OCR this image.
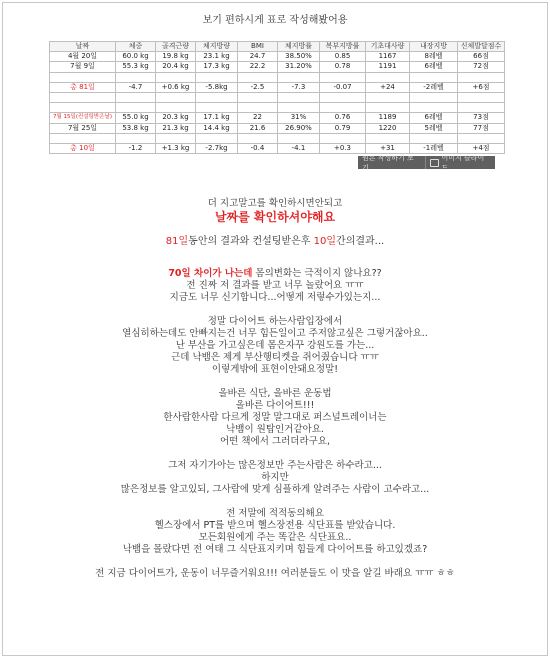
보기 편하시게 표로 작성해봤어용
날짜	체중	골격근량	체지방량	BMI	체지방률	복부지방률	기초대사량	내장지방	신체발달점수
4월 20일	60.0 kg	19.8 kg	23.1 kg	24.7	38.50%	0.85	1167	8레벨	66점
7월 9일	55.3 kg	20.4 kg	17.3 kg	22.2	31.20%	0.78	1191	6레벨	72점

총 81일	-4.7	+0.6 kg	-5.8kg	-2.5	-7.3	-0.07	+24	-2레벨	+6점

7월 15일(컨설팅받은날)	55.0 kg	20.3 kg	17.1 kg	22	31%	0.76	1189	6레벨	73점
7월 25일	53.8 kg	21.3 kg	14.4 kg	21.6	26.90%	0.79	1220	5레벨	77점

총 10일	-1.2	+1.3 kg	-2.7kg	-0.4	-4.1	+0.3	+31	-1레벨	+4점
원본 작성하기 보기
이미지 슬라이드

더 지고말고를 확인하시면안되고

날짜를 확인하셔야해요

81일동안의 결과와 컨설팅받은후 10일간의결과...

70일 차이가 나는데 몸의변화는 극적이지 않나요??

전 진짜 저 결과를 받고 너무 놀랐어요 ㅠㅠ

지금도 너무 신기합니다...어떻게 저렇수가있는지...

정말 다이어트 하는사람입장에서

열심히하는데도 안빠지는건 너무 힘든일이고 주저않고싶은 그렇거잖아요..

난 부산을 가고싶은데 몸은자꾸 강원도를 가는...

근데 낙뱀은 제게 부산행티켓을 쥐어줬습니다 ㅠㅠ

이렇게밖에 표현이안돼요정말!

올바른 식단, 올바른 운동법

올바른 다이어트!!!

한사람한사람 다르게 정말 말그대로 퍼스널트레이너는

낙뱀이 원탑인거같아요.

어떤 책에서 그러더라구요,

그저 자기가아는 많은정보만 주는사람은 하수라고...

하지만

많은정보를 알고있되, 그사람에 맞게 심플하게 알려주는 사람이 고수라고...

전 저말에 적적동의해요

헬스장에서 PT를 받으며 헬스장전용 식단표를 받았습니다.

모든회원에게 주는 똑같은 식단표요..

낙뱀을 몰랐다면 전 여태 그 식단표지키며 힘들게 다이어트를 하고있겠죠?

전 지금 다이어트가, 운동이 너무즐거워요!!! 여러분들도 이 맛을 알길 바래요 ㅠㅠ ㅎㅎ
